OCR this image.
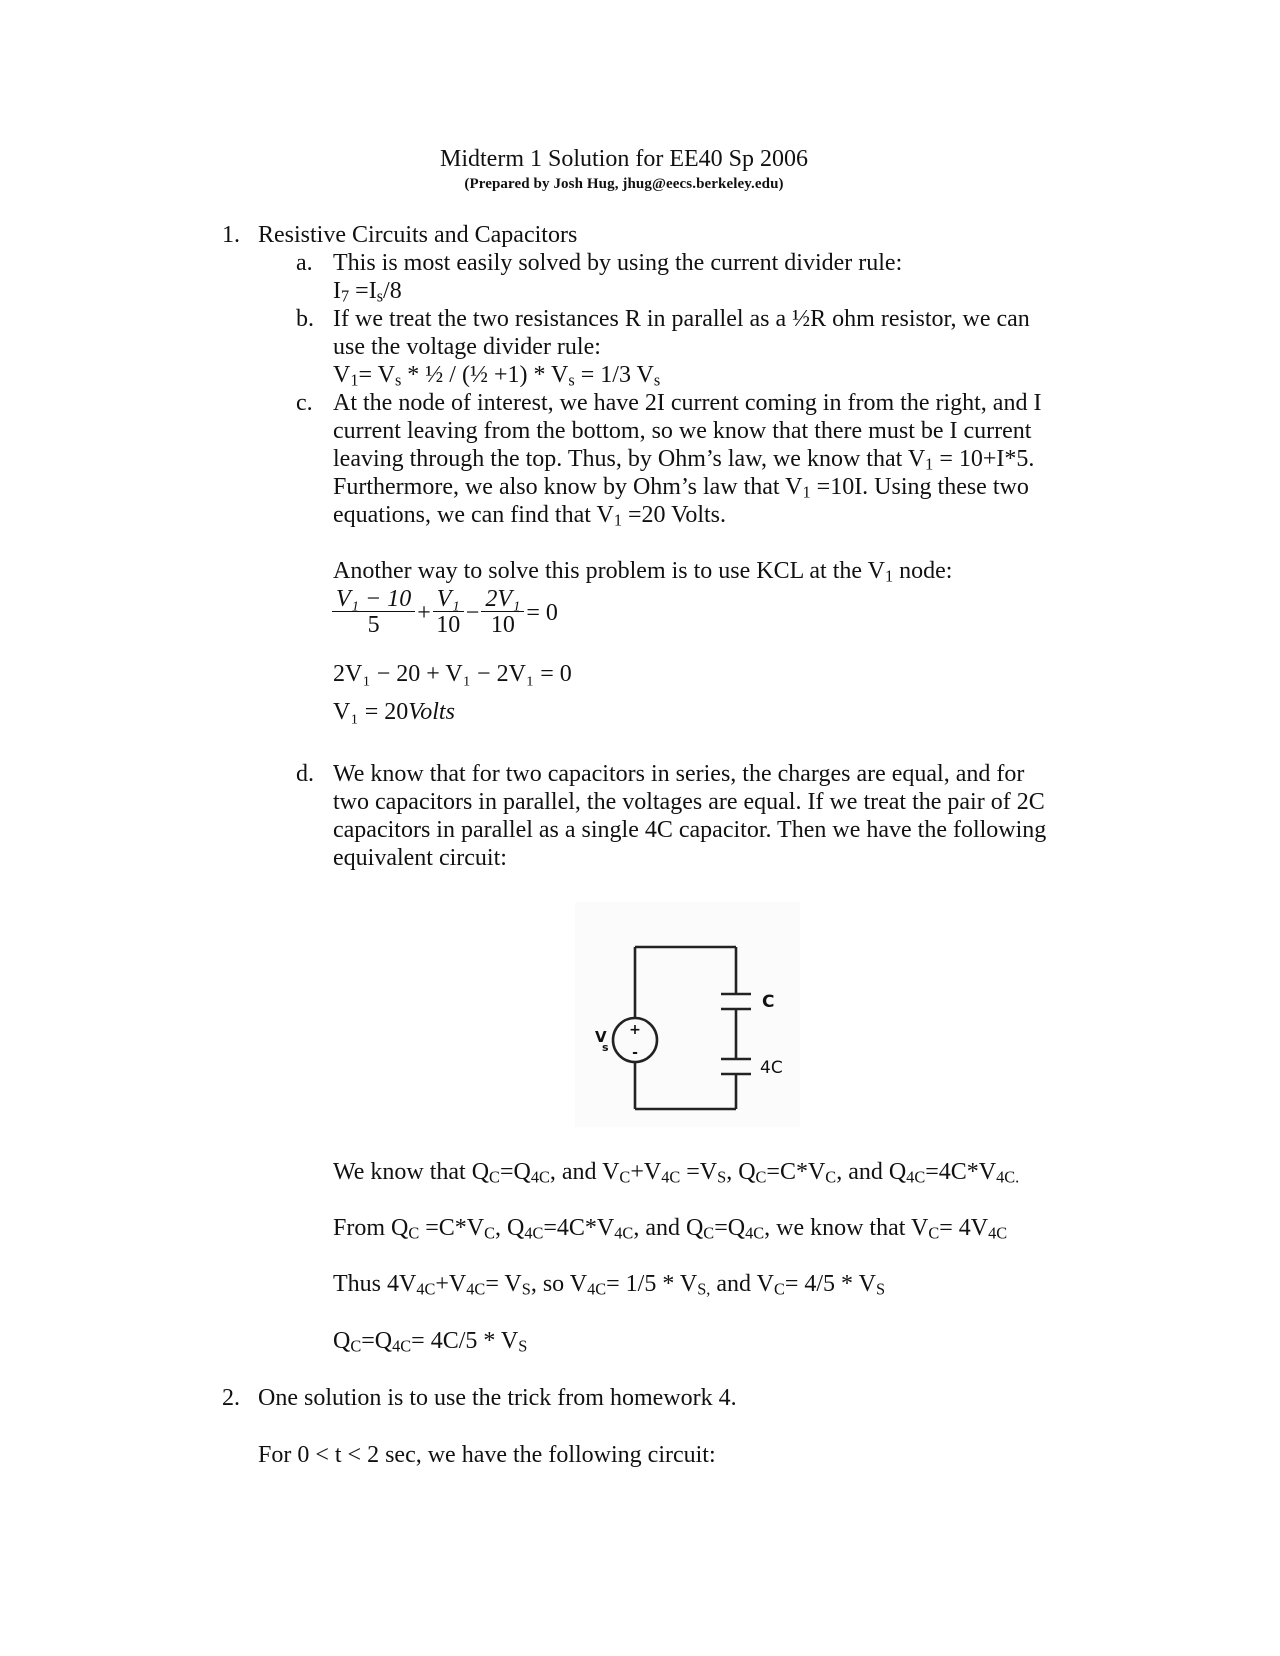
Midterm 1 Solution for EE40 Sp 2006
(Prepared by Josh Hug, jhug@eecs.berkeley.edu)
1. Resistive Circuits and Capacitors
a. This is most easily solved by using the current divider rule:
$I_7 =I_s/8$
b. If we treat the two resistances R in parallel as a ½R ohm resistor, we can
use the voltage divider rule:
$V_1= V_s$ * ½ / (½ $+1) * V_s = 1/3$ $V_s$
c. At the node of interest, we have 2I current coming in from the right, and I
current leaving from the bottom, so we know that there must be I current
leaving through the top. Thus, by Ohm’s law, we know that $V_1 = 10+I*5$.
Furthermore, we also know by Ohm’s law that $V_1 =10I$. Using these two
equations, we can find that $V_1 =20$ Volts.
Another way to solve this problem is to use KCL at the $V_1$ node:
$\frac{\text{V₁ − 10}}{5} + \frac{\text{V₁}}{10} - \frac{\text{2V₁}}{10} = 0$
2V₁ − 20 + V₁ − 2V₁ = 0
V₁ = 20Volts
d. We know that for two capacitors in series, the charges are equal, and for
two capacitors in parallel, the voltages are equal. If we treat the pair of 2C
capacitors in parallel as a single 4C capacitor. Then we have the following
equivalent circuit:
+
-
V
s
C
4C
We know that $Q_C=Q_{4C}$, and $V_C+V_{4C} =V_S$, $Q_C=C*V_C$, and $Q_{4C}=4C*V_{4C.}$
From $Q_C =C*V_C$, $Q_{4C}=4C*V_{4C}$, and $Q_C=Q_{4C}$, we know that $V_C= 4V_{4C}$
Thus $4V_{4C}+V_{4C}= V_S$, so $V_{4C}= 1/5 * V_{S,}$ and $V_C= 4/5 * V_S$
$Q_C=Q_{4C}= 4C/5 * V_S$
2. One solution is to use the trick from homework 4.
For 0 < t < 2 sec, we have the following circuit:
